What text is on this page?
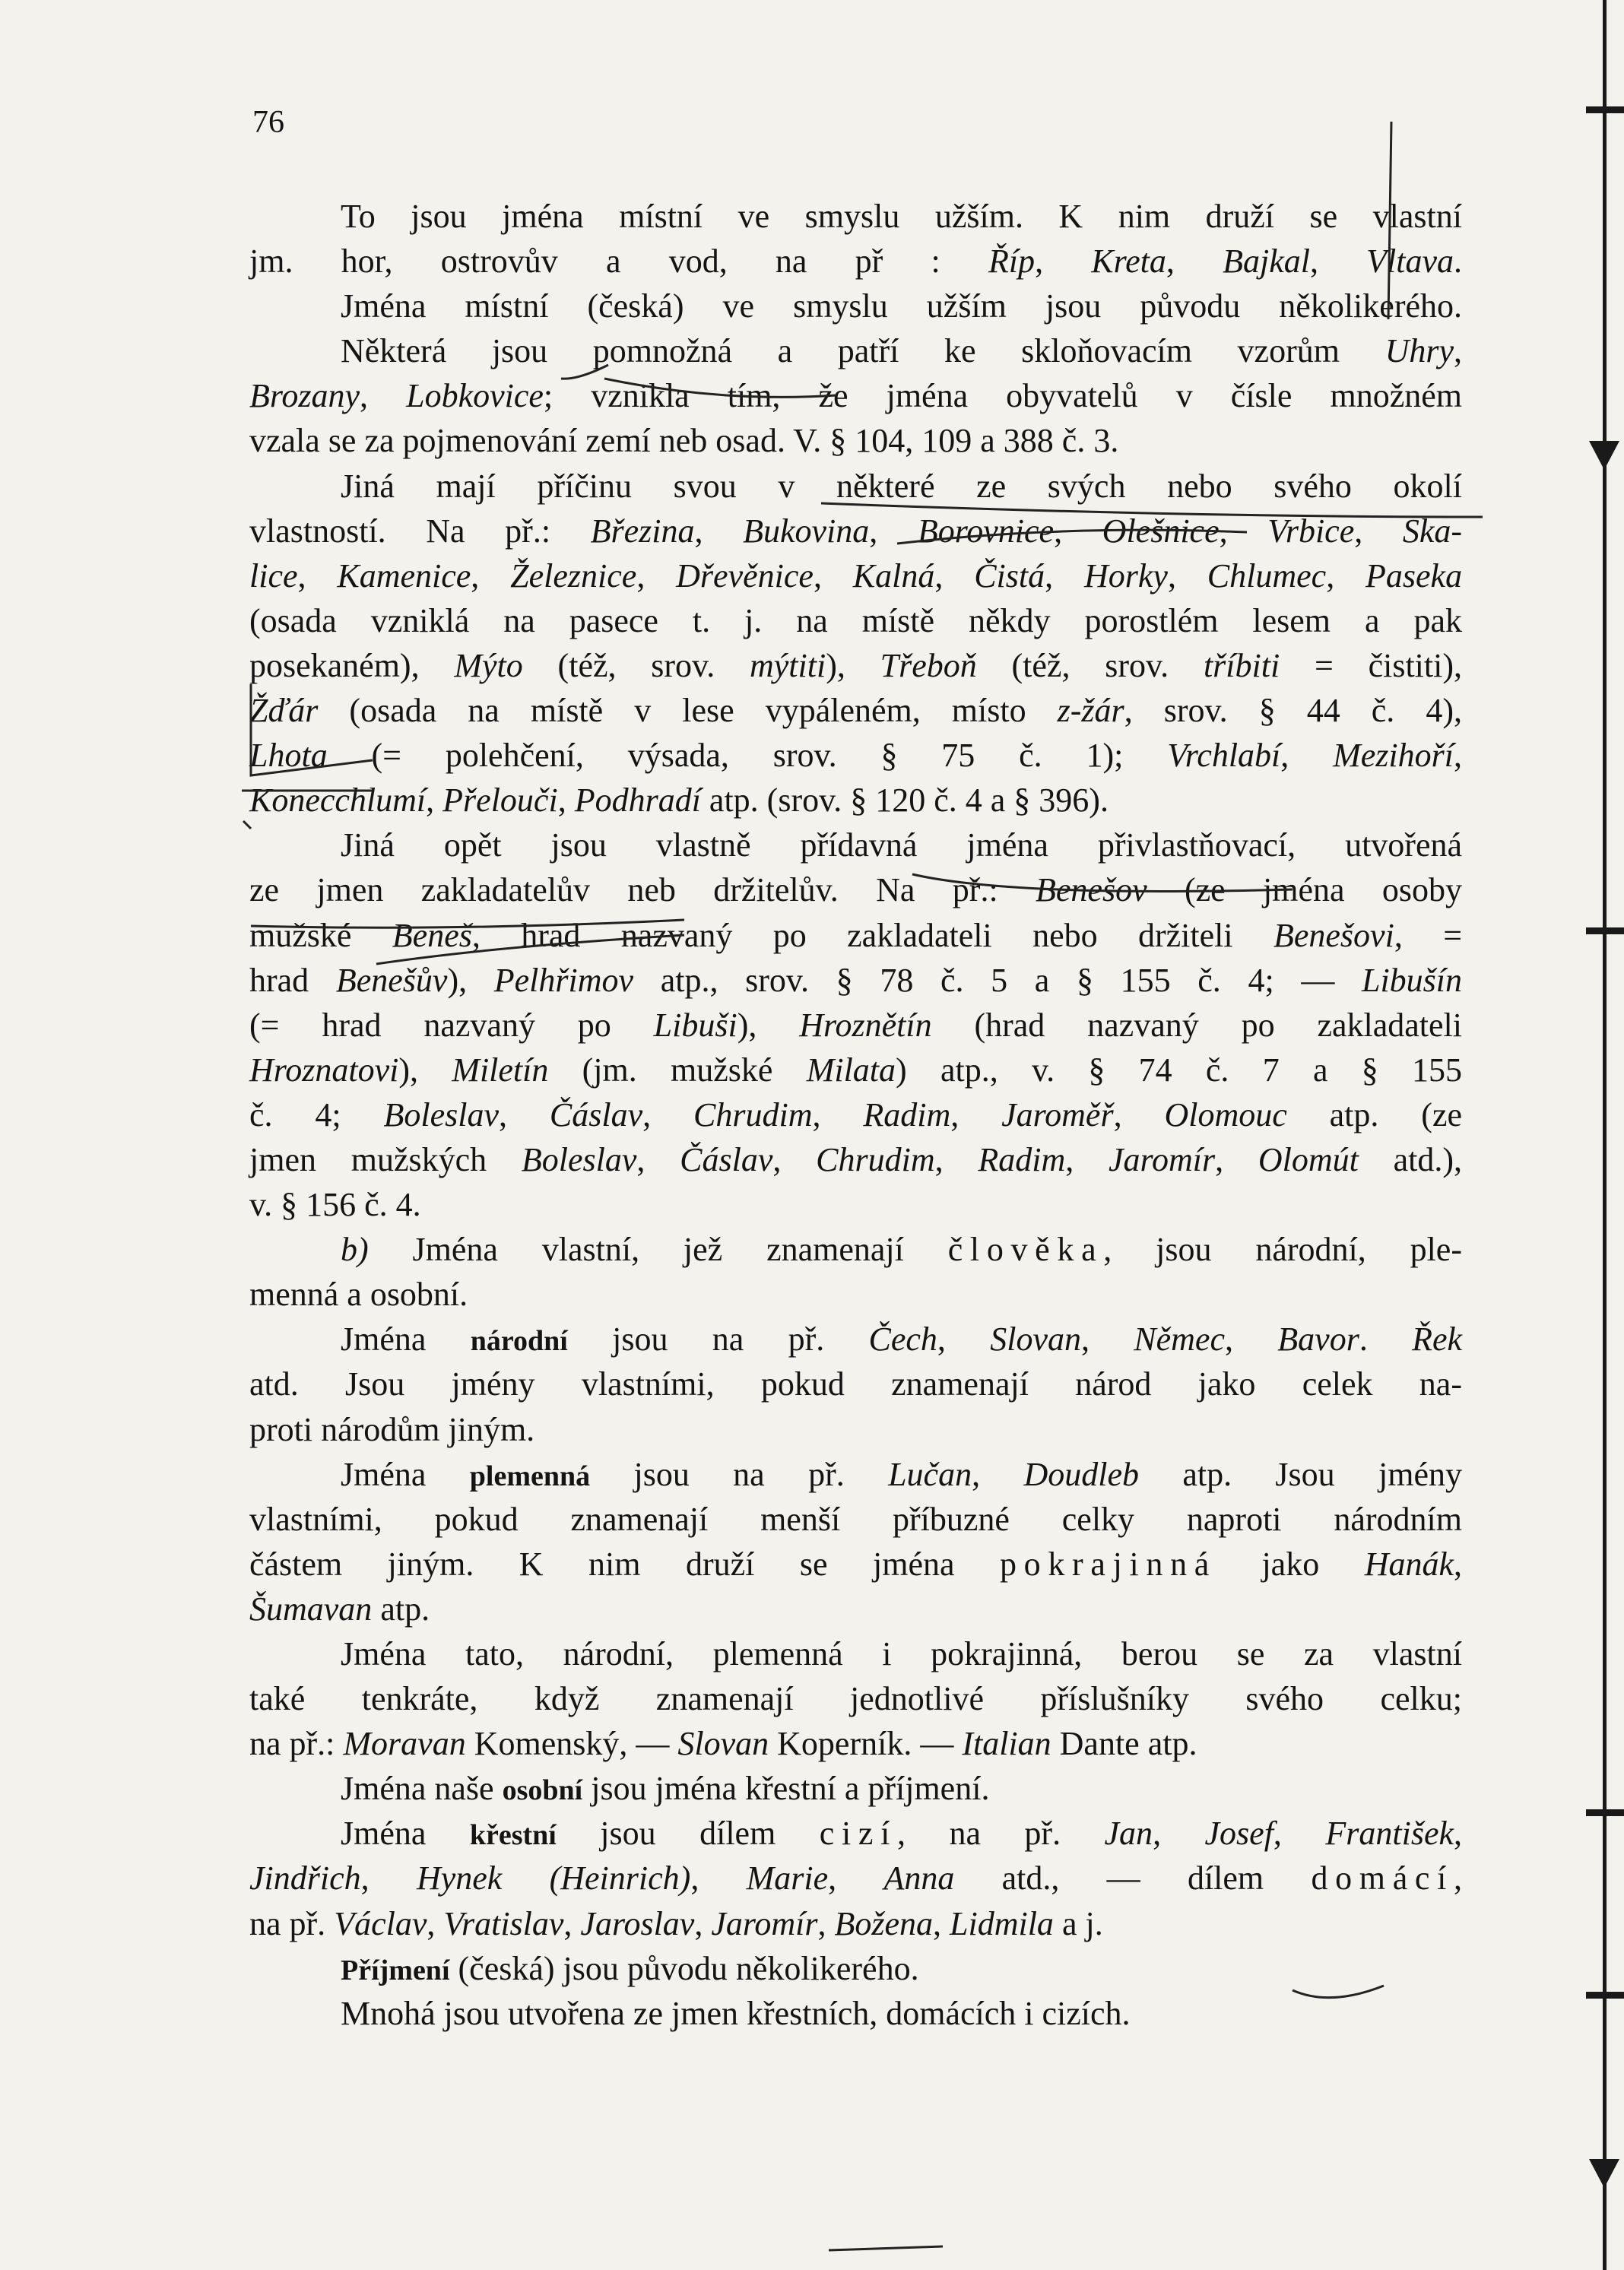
76
To jsou jména místní ve smyslu užším. K nim druží se vlastní
jm. hor, ostrovův a vod, na př : Říp, Kreta, Bajkal, Vltava.
Jména místní (česká) ve smyslu užším jsou původu několikerého.
Některá jsou pomnožná a patří ke skloňovacím vzorům Uhry,
Brozany, Lobkovice; vznikla tím, že jména obyvatelů v čísle množném
vzala se za pojmenování zemí neb osad. V. § 104, 109 a 388 č. 3.
Jiná mají příčinu svou v některé ze svých nebo svého okolí
vlastností. Na př.: Březina, Bukovina, Borovnice, Olešnice, Vrbice, Ska-
lice, Kamenice, Železnice, Dřevěnice, Kalná, Čistá, Horky, Chlumec, Paseka
(osada vzniklá na pasece t. j. na místě někdy porostlém lesem a pak
posekaném), Mýto (též, srov. mýtiti), Třeboň (též, srov. tříbiti = čistiti),
Žďár (osada na místě v lese vypáleném, místo z-žár, srov. § 44 č. 4),
Lhota (= polehčení, výsada, srov. § 75 č. 1); Vrchlabí, Mezihoří,
Konecchlumí, Přelouči, Podhradí atp. (srov. § 120 č. 4 a § 396).
Jiná opět jsou vlastně přídavná jména přivlastňovací, utvořená
ze jmen zakladatelův neb držitelův. Na př.: Benešov (ze jména osoby
mužské Beneš, hrad nazvaný po zakladateli nebo držiteli Benešovi, =
hrad Benešův), Pelhřimov atp., srov. § 78 č. 5 a § 155 č. 4; — Libušín
(= hrad nazvaný po Libuši), Hroznětín (hrad nazvaný po zakladateli
Hroznatovi), Miletín (jm. mužské Milata) atp., v. § 74 č. 7 a § 155
č. 4; Boleslav, Čáslav, Chrudim, Radim, Jaroměř, Olomouc atp. (ze
jmen mužských Boleslav, Čáslav, Chrudim, Radim, Jaromír, Olomút atd.),
v. § 156 č. 4.
b) Jména vlastní, jež znamenají člověka, jsou národní, ple-
menná a osobní.
Jména národní jsou na př. Čech, Slovan, Němec, Bavor. Řek
atd. Jsou jmény vlastními, pokud znamenají národ jako celek na-
proti národům jiným.
Jména plemenná jsou na př. Lučan, Doudleb atp. Jsou jmény
vlastními, pokud znamenají menší příbuzné celky naproti národním
částem jiným. K nim druží se jména pokrajinná jako Hanák,
Šumavan atp.
Jména tato, národní, plemenná i pokrajinná, berou se za vlastní
také tenkráte, když znamenají jednotlivé příslušníky svého celku;
na př.: Moravan Komenský, — Slovan Koperník. — Italian Dante atp.
Jména naše osobní jsou jména křestní a příjmení.
Jména křestní jsou dílem cizí, na př. Jan, Josef, František,
Jindřich, Hynek (Heinrich), Marie, Anna atd., — dílem domácí,
na př. Václav, Vratislav, Jaroslav, Jaromír, Božena, Lidmila a j.
Příjmení (česká) jsou původu několikerého.
Mnohá jsou utvořena ze jmen křestních, domácích i cizích.
